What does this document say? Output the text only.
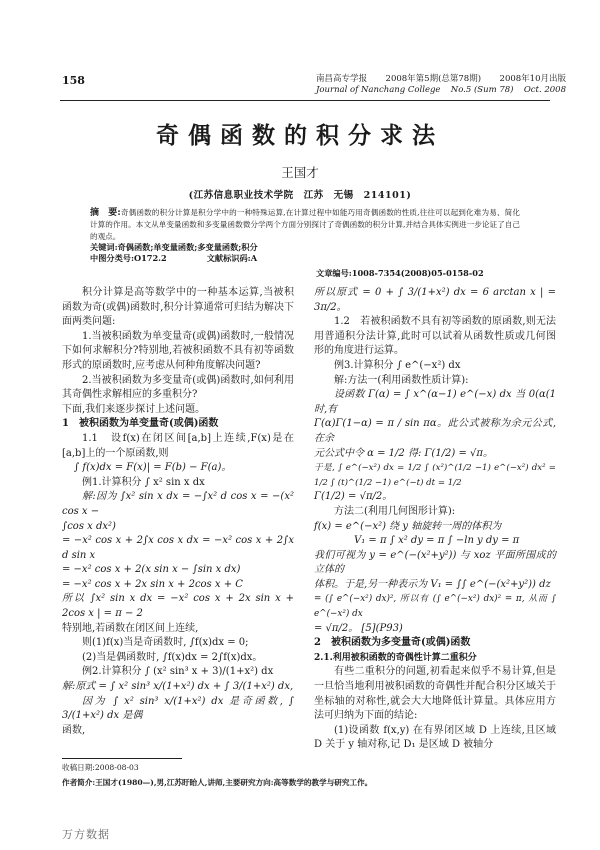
158	南昌高专学报 2008年第5期(总第78期) 2008年10月出版
Journal of Nanchang College No.5 (Sum 78) Oct. 2008
奇偶函数的积分求法
王国才
(江苏信息职业技术学院　江苏　无锡　214101)

摘　要:奇偶函数的积分计算是积分学中的一种特殊运算,在计算过程中如能巧用奇偶函数的性质,往往可以起到化难为易、简化计算的作用。本文从单变量函数和多变量函数微分学两个方面分别探讨了奇偶函数的积分计算,并结合具体实例进一步论证了自己的观点。

关键词:奇偶函数;单变量函数;多变量函数;积分

中图分类号:O172.2	文献标识码:A

文章编号:1008-7354(2008)05-0158-02

积分计算是高等数学中的一种基本运算,当被积函数为奇(或偶)函数时,积分计算通常可归结为解决下面两类问题:

1.当被积函数为单变量奇(或偶)函数时,一般情况下如何求解积分?特别地,若被积函数不具有初等函数形式的原函数时,应考虑从何种角度解决问题?

2.当被积函数为多变量奇(或偶)函数时,如何利用其奇偶性求解相应的多重积分?

下面,我们来逐步探讨上述问题。

1　被积函数为单变量奇(或偶)函数

1.1　设f(x)在闭区间[a,b]上连续,F(x)是在[a,b]上的一个原函数,则

∫ f(x)dx = F(x)| = F(b) − F(a)。

例1.计算积分 ∫ x² sin x dx

解:因为 ∫x² sin x dx = −∫x² d cos x = −(x² cos x −

∫cos x dx²)

= −x² cos x + 2∫x cos x dx = −x² cos x + 2∫x d sin x

= −x² cos x + 2(x sin x − ∫sin x dx)

= −x² cos x + 2x sin x + 2cos x + C

所以 ∫x² sin x dx = −x² cos x + 2x sin x + 2cos x | = π − 2

特别地,若函数在闭区间上连续,

则(1)f(x)当是奇函数时, ∫f(x)dx = 0;

(2)当是偶函数时, ∫f(x)dx = 2∫f(x)dx。

例2.计算积分 ∫ (x² sin³ x + 3)/(1+x²) dx

解:原式 = ∫ x² sin³ x/(1+x²) dx + ∫ 3/(1+x²) dx,

因为 ∫ x² sin³ x/(1+x²) dx 是奇函数, ∫ 3/(1+x²) dx 是偶

函数,

所以原式 = 0 + ∫ 3/(1+x²) dx = 6 arctan x | = 3π/2。

1.2　若被积函数不具有初等函数的原函数,则无法用普通积分法计算,此时可以试着从函数性质或几何图形的角度进行运算。

例3.计算积分 ∫ e^(−x²) dx

解:方法一(利用函数性质计算):

设函数 Γ(α) = ∫ x^(α−1) e^(−x) dx 当 0(α(1 时,有

Γ(α)Γ(1−α) = π / sin πα。此公式被称为余元公式,在余

元公式中令 α = 1/2 得: Γ(1/2) = √π。

于是, ∫ e^(−x²) dx = 1/2 ∫ (x²)^(1/2 −1) e^(−x²) dx² = 1/2 ∫ (t)^(1/2 −1) e^(−t) dt = 1/2

Γ(1/2) = √π/2。

方法二(利用几何图形计算):

f(x) = e^(−x²) 绕 y 轴旋转一周的体积为

V₁ = π ∫ x² dy = π ∫ −ln y dy = π

我们可视为 y = e^(−(x²+y²)) 与 xoz 平面所围成的立体的

体积。于是,另一种表示为 V₁ = ∫∫ e^(−(x²+y²)) dz

= (∫ e^(−x²) dx)², 所以有 (∫ e^(−x²) dx)² = π, 从而 ∫ e^(−x²) dx

= √π/2。 [5](P93)

2　被积函数为多变量奇(或偶)函数

2.1.利用被积函数的奇偶性计算二重积分

有些二重积分的问题,初看起来似乎不易计算,但是一旦恰当地利用被积函数的奇偶性并配合积分区域关于坐标轴的对称性,就会大大地降低计算量。具体应用方法可归纳为下面的结论:

(1)设函数 f(x,y) 在有界闭区域 D 上连续,且区域 D 关于 y 轴对称,记 D₁ 是区域 D 被轴分

收稿日期:2008-08-03
作者简介:王国才(1980—),男,江苏盱眙人,讲师,主要研究方向:高等数学的教学与研究工作。
万方数据
